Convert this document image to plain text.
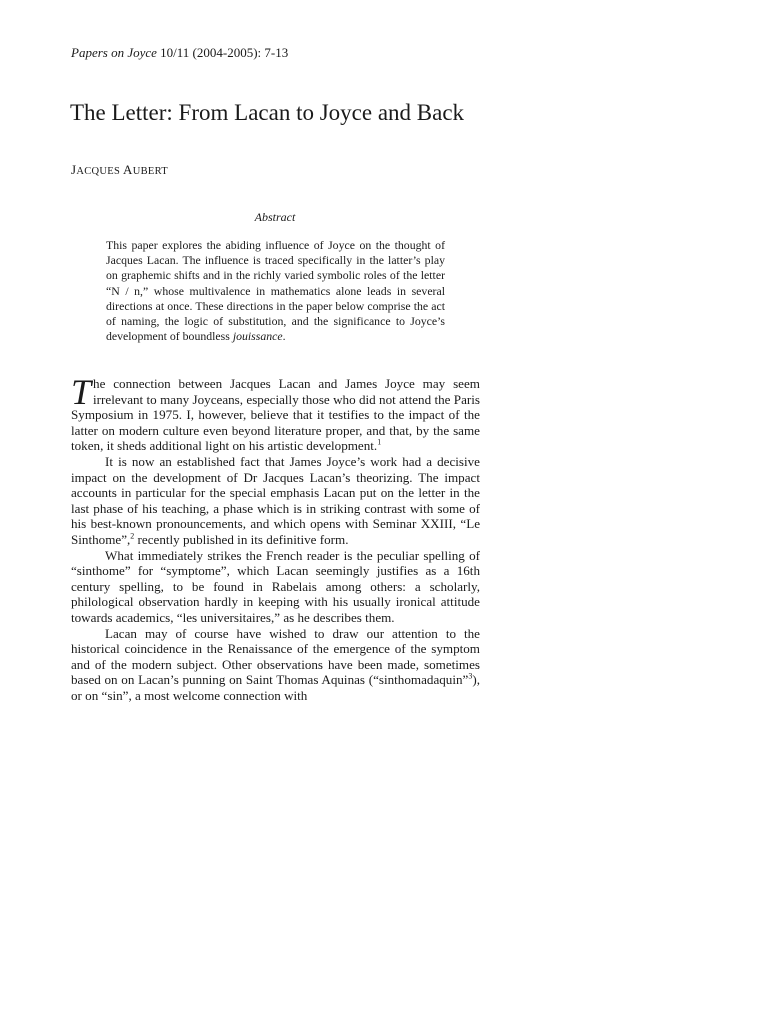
Papers on Joyce 10/11 (2004-2005): 7-13
The Letter: From Lacan to Joyce and Back
JACQUES AUBERT
Abstract

This paper explores the abiding influence of Joyce on the thought of Jacques Lacan. The influence is traced specifically in the latter’s play on graphemic shifts and in the richly varied symbolic roles of the letter “N / n,” whose multivalence in mathematics alone leads in several directions at once. These directions in the paper below comprise the act of naming, the logic of substitution, and the significance to Joyce’s development of boundless jouissance.

The connection between Jacques Lacan and James Joyce may seem irrelevant to many Joyceans, especially those who did not attend the Paris Symposium in 1975. I, however, believe that it testifies to the impact of the latter on modern culture even beyond literature proper, and that, by the same token, it sheds additional light on his artistic development.$^1$

It is now an established fact that James Joyce’s work had a decisive impact on the development of Dr Jacques Lacan’s theorizing. The impact accounts in particular for the special emphasis Lacan put on the letter in the last phase of his teaching, a phase which is in striking contrast with some of his best-known pronouncements, and which opens with Seminar XXIII, “Le Sinthome”,$^2$ recently published in its definitive form.

What immediately strikes the French reader is the peculiar spelling of “sinthome” for “symptome”, which Lacan seemingly justifies as a 16th century spelling, to be found in Rabelais among others: a scholarly, philological observation hardly in keeping with his usually ironical attitude towards academics, “les universitaires,” as he describes them.

Lacan may of course have wished to draw our attention to the historical coincidence in the Renaissance of the emergence of the symptom and of the modern subject. Other observations have been made, sometimes based on on Lacan’s punning on Saint Thomas Aquinas (“sinthomadaquin”$^3$), or on “sin”, a most welcome connection with
